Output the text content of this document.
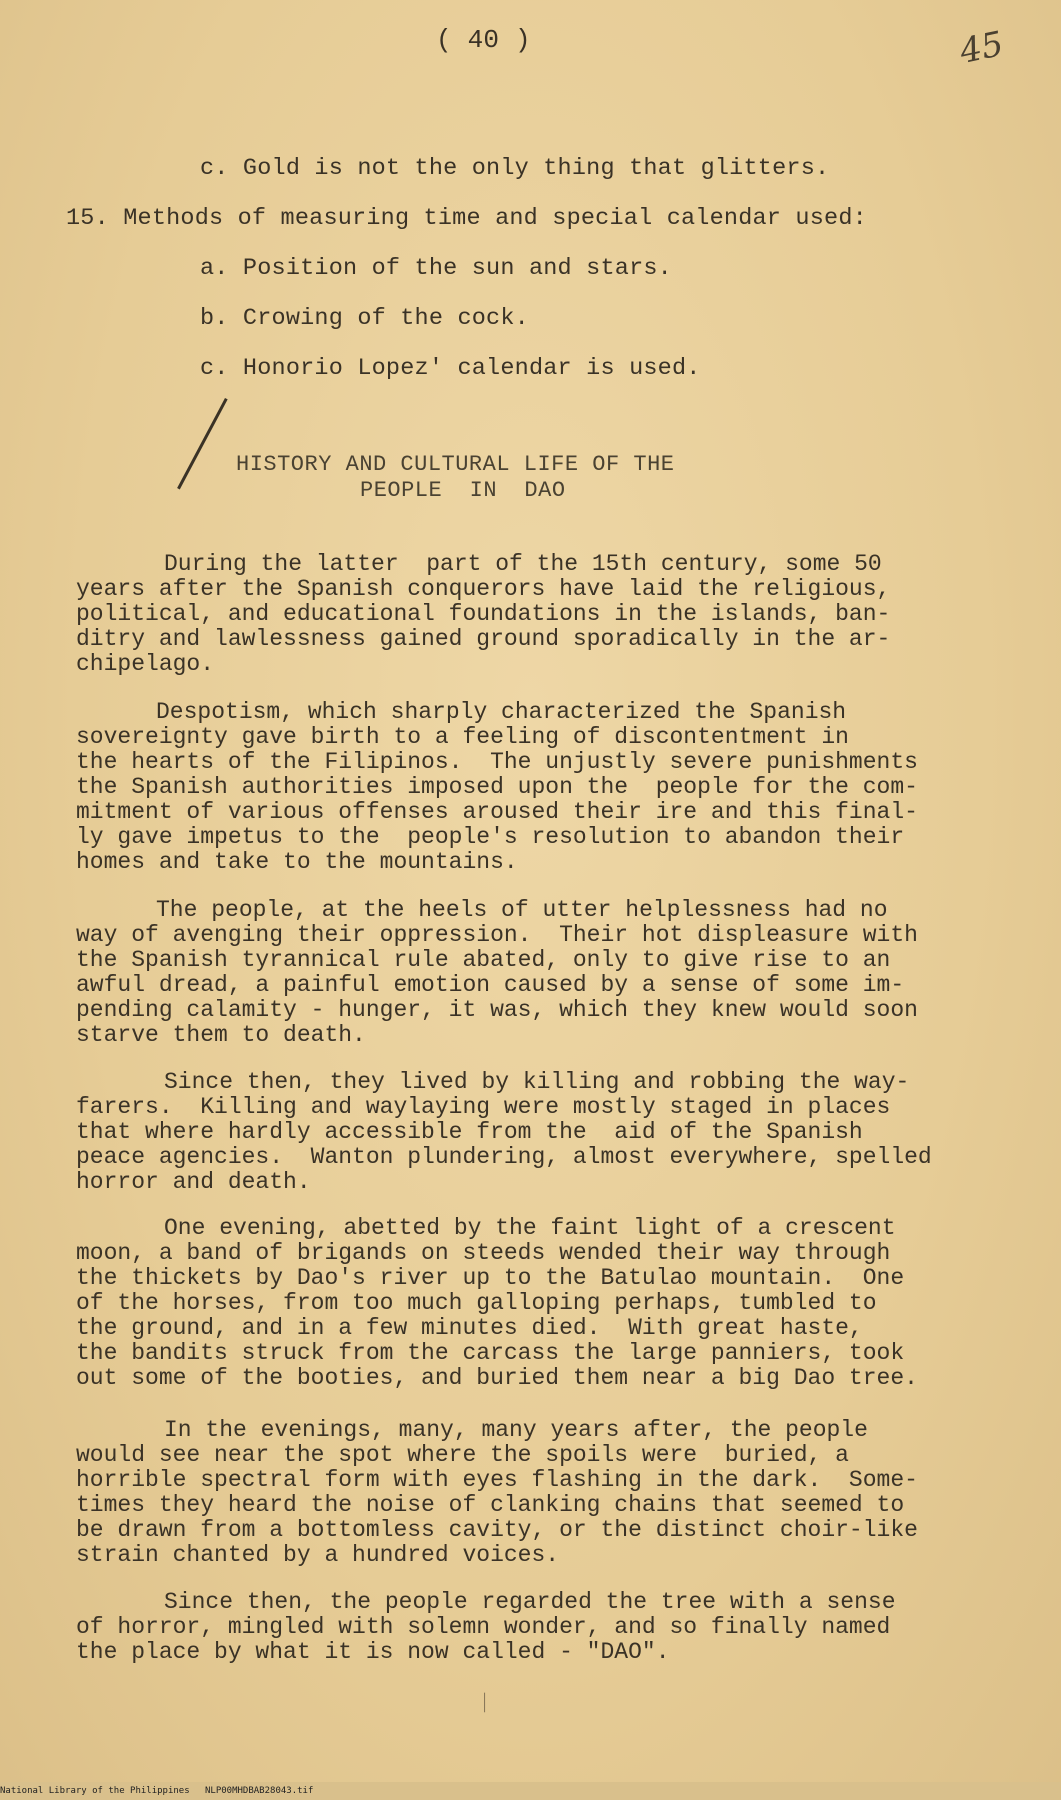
( 40 )	45
c. Gold is not the only thing that glitters.
15. Methods of measuring time and special calendar used:
a. Position of the sun and stars.
b. Crowing of the cock.
c. Honorio Lopez' calendar is used.
HISTORY AND CULTURAL LIFE OF THE
PEOPLE  IN  DAO
During the latter  part of the 15th century, some 50
years after the Spanish conquerors have laid the religious,
political, and educational foundations in the islands, ban-
ditry and lawlessness gained ground sporadically in the ar-
chipelago.
Despotism, which sharply characterized the Spanish
sovereignty gave birth to a feeling of discontentment in
the hearts of the Filipinos.  The unjustly severe punishments
the Spanish authorities imposed upon the  people for the com-
mitment of various offenses aroused their ire and this final-
ly gave impetus to the  people's resolution to abandon their
homes and take to the mountains.
The people, at the heels of utter helplessness had no
way of avenging their oppression.  Their hot displeasure with
the Spanish tyrannical rule abated, only to give rise to an
awful dread, a painful emotion caused by a sense of some im-
pending calamity - hunger, it was, which they knew would soon
starve them to death.
Since then, they lived by killing and robbing the way-
farers.  Killing and waylaying were mostly staged in places
that where hardly accessible from the  aid of the Spanish
peace agencies.  Wanton plundering, almost everywhere, spelled
horror and death.
One evening, abetted by the faint light of a crescent
moon, a band of brigands on steeds wended their way through
the thickets by Dao's river up to the Batulao mountain.  One
of the horses, from too much galloping perhaps, tumbled to
the ground, and in a few minutes died.  With great haste,
the bandits struck from the carcass the large panniers, took
out some of the booties, and buried them near a big Dao tree.
In the evenings, many, many years after, the people
would see near the spot where the spoils were  buried, a
horrible spectral form with eyes flashing in the dark.  Some-
times they heard the noise of clanking chains that seemed to
be drawn from a bottomless cavity, or the distinct choir-like
strain chanted by a hundred voices.
Since then, the people regarded the tree with a sense
of horror, mingled with solemn wonder, and so finally named
the place by what it is now called - "DAO".
ᛁ
National Library of the Philippines NLP00MHDBAB28043.tif
